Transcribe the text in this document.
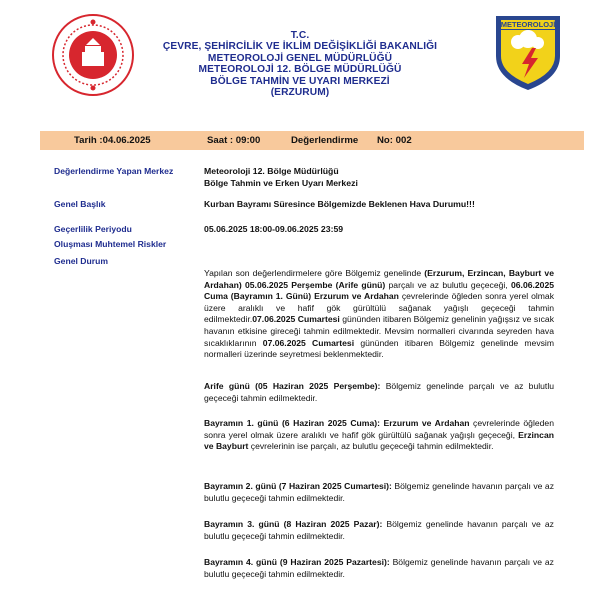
METEOROLOJİ
T.C.
ÇEVRE, ŞEHİRCİLİK VE İKLİM DEĞİŞİKLİĞİ BAKANLIĞI
METEOROLOJİ GENEL MÜDÜRLÜĞÜ
METEOROLOJİ 12. BÖLGE MÜDÜRLÜĞÜ
BÖLGE TAHMİN VE UYARI MERKEZİ
(ERZURUM)
Tarih :04.06.2025	Saat : 09:00	Değerlendirme No: 002
Değerlendirme Yapan Merkez	Meteoroloji 12. Bölge Müdürlüğü
Bölge Tahmin ve Erken Uyarı Merkezi
Genel Başlık	Kurban Bayramı Süresince Bölgemizde Beklenen Hava Durumu!!!
Geçerlilik Periyodu	05.06.2025 18:00-09.06.2025 23:59
Oluşması Muhtemel Riskler
Genel Durum
Yapılan son değerlendirmelere göre Bölgemiz genelinde (Erzurum, Erzincan, Bayburt ve Ardahan) 05.06.2025 Perşembe (Arife günü) parçalı ve az bulutlu geçeceği, 06.06.2025 Cuma (Bayramın 1. Günü) Erzurum ve Ardahan çevrelerinde öğleden sonra yerel olmak üzere aralıklı ve hafif gök gürültülü sağanak yağışlı geçeceği tahmin edilmektedir.07.06.2025 Cumartesi gününden itibaren Bölgemiz genelinin yağışsız ve sıcak havanın etkisine gireceği tahmin edilmektedir. Mevsim normalleri civarında seyreden hava sıcaklıklarının 07.06.2025 Cumartesi gününden itibaren Bölgemiz genelinde mevsim normalleri üzerinde seyretmesi beklenmektedir.
Arife günü (05 Haziran 2025 Perşembe): Bölgemiz genelinde parçalı ve az bulutlu geçeceği tahmin edilmektedir.
Bayramın 1. günü (6 Haziran 2025 Cuma): Erzurum ve Ardahan çevrelerinde öğleden sonra yerel olmak üzere aralıklı ve hafif gök gürültülü sağanak yağışlı geçeceği, Erzincan ve Bayburt çevrelerinin ise parçalı, az bulutlu geçeceği tahmin edilmektedir.
Bayramın 2. günü (7 Haziran 2025 Cumartesi): Bölgemiz genelinde havanın parçalı ve az bulutlu geçeceği tahmin edilmektedir.
Bayramın 3. günü (8 Haziran 2025 Pazar): Bölgemiz genelinde havanın parçalı ve az bulutlu geçeceği tahmin edilmektedir.
Bayramın 4. günü (9 Haziran 2025 Pazartesi): Bölgemiz genelinde havanın parçalı ve az bulutlu geçeceği tahmin edilmektedir.
